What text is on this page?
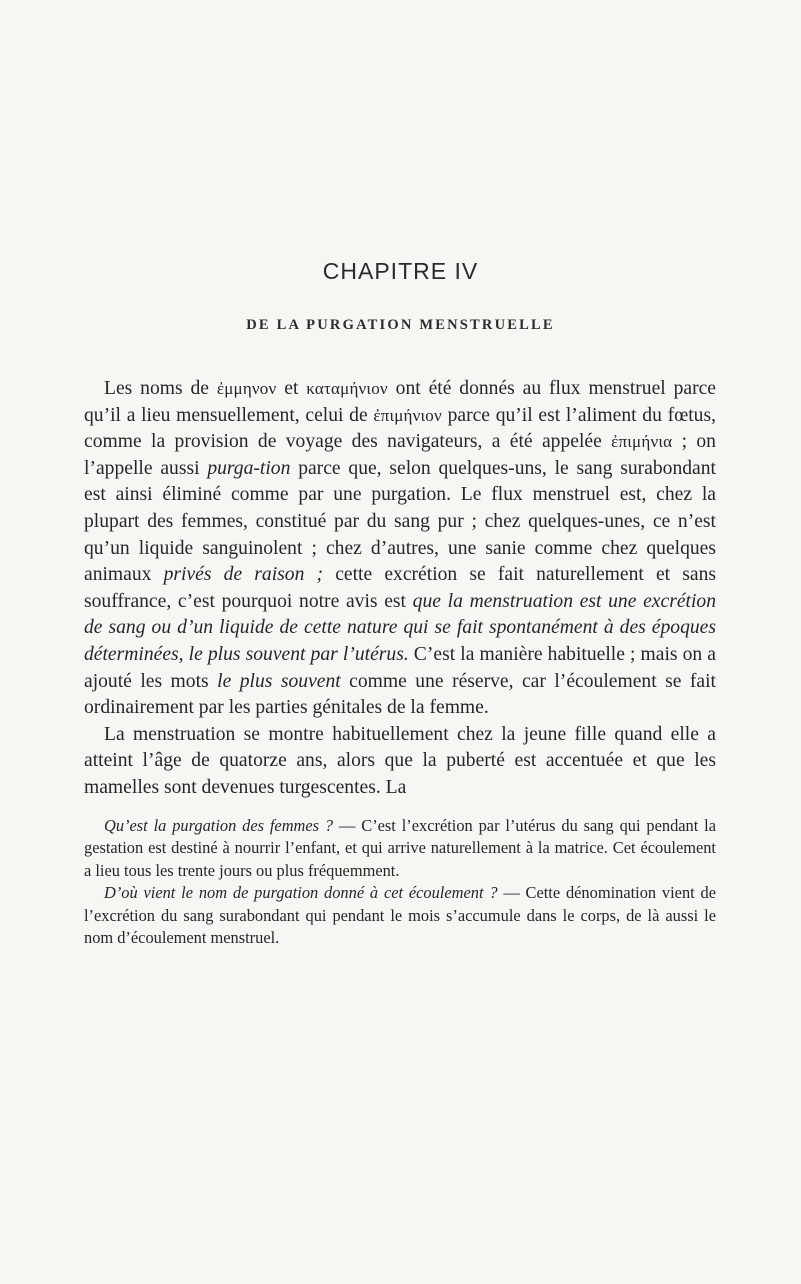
CHAPITRE IV
DE LA PURGATION MENSTRUELLE

Les noms de ἐμμηνον et καταμήνιον ont été donnés au flux menstruel parce qu’il a lieu mensuellement, celui de ἐπιμήνιον parce qu’il est l’aliment du fœtus, comme la provision de voyage des navigateurs, a été appelée ἐπιμήνια ; on l’appelle aussi purga-tion parce que, selon quelques-uns, le sang surabondant est ainsi éliminé comme par une purgation. Le flux menstruel est, chez la plupart des femmes, constitué par du sang pur ; chez quelques-unes, ce n’est qu’un liquide sanguinolent ; chez d’autres, une sanie comme chez quelques animaux privés de raison ; cette excrétion se fait naturellement et sans souffrance, c’est pourquoi notre avis est que la menstruation est une excrétion de sang ou d’un liquide de cette nature qui se fait spontanément à des époques déterminées, le plus souvent par l’utérus. C’est la manière habituelle ; mais on a ajouté les mots le plus souvent comme une réserve, car l’écoulement se fait ordinairement par les parties génitales de la femme.

La menstruation se montre habituellement chez la jeune fille quand elle a atteint l’âge de quatorze ans, alors que la puberté est accentuée et que les mamelles sont devenues turgescentes. La

Qu’est la purgation des femmes ? — C’est l’excrétion par l’utérus du sang qui pendant la gestation est destiné à nourrir l’enfant, et qui arrive naturellement à la matrice. Cet écoulement a lieu tous les trente jours ou plus fréquemment.

D’où vient le nom de purgation donné à cet écoulement ? — Cette dénomination vient de l’excrétion du sang surabondant qui pendant le mois s’accumule dans le corps, de là aussi le nom d’écoulement menstruel.
